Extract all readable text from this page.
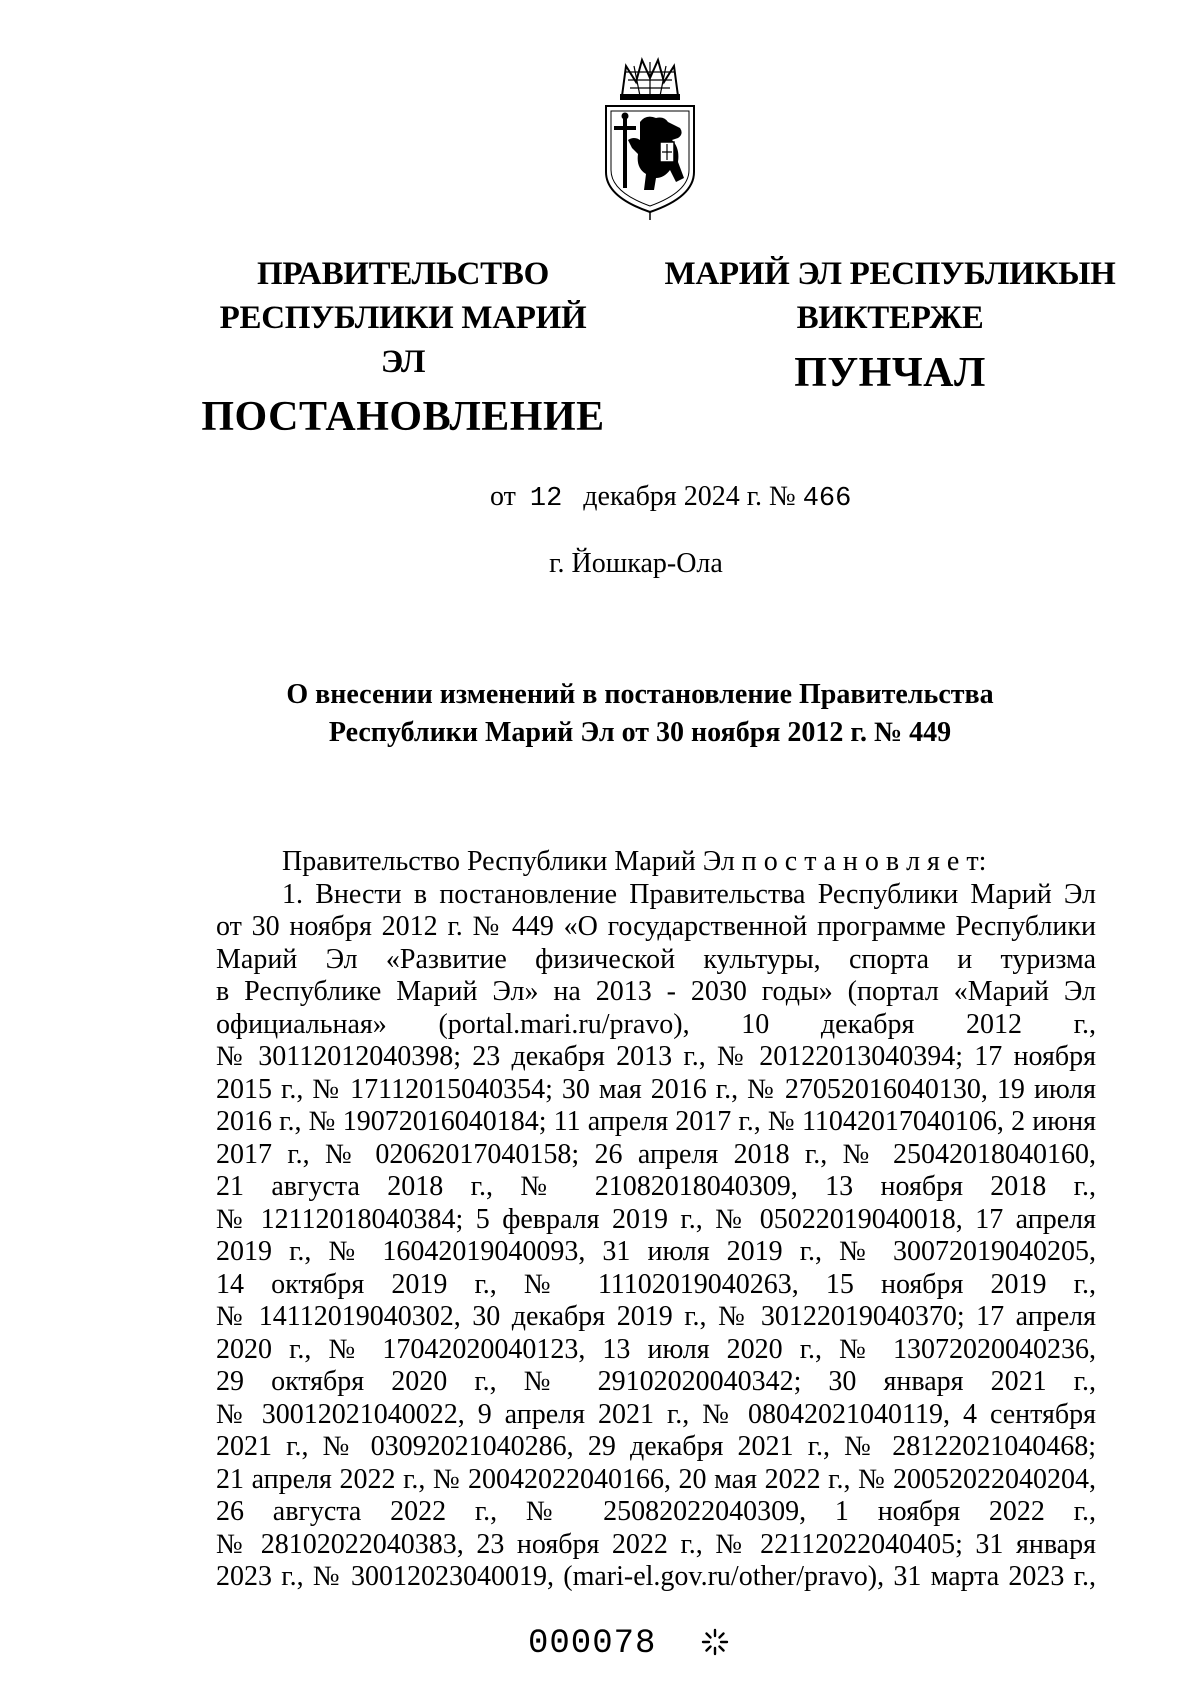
ПРАВИТЕЛЬСТВО
РЕСПУБЛИКИ МАРИЙ ЭЛ
ПОСТАНОВЛЕНИЕ
МАРИЙ ЭЛ РЕСПУБЛИКЫН
ВИКТЕРЖЕ
ПУНЧАЛ
от 12 декабря 2024 г. № 466
г. Йошкар-Ола
О внесении изменений в постановление Правительства
Республики Марий Эл от 30 ноября 2012 г. № 449

Правительство Республики Марий Эл п о с т а н о в л я е т:

1. Внести в постановление Правительства Республики Марий Эл
от 30 ноября 2012 г. № 449 «О государственной программе Республики
Марий Эл «Развитие физической культуры, спорта и туризма
в Республике Марий Эл» на 2013 - 2030 годы» (портал «Марий Эл
официальная» (portal.mari.ru/pravo), 10 декабря 2012 г.,
№ 30112012040398; 23 декабря 2013 г., № 20122013040394; 17 ноября
2015 г., № 17112015040354; 30 мая 2016 г., № 27052016040130, 19 июля
2016 г., № 19072016040184; 11 апреля 2017 г., № 11042017040106, 2 июня
2017 г., № 02062017040158; 26 апреля 2018 г., № 25042018040160,
21 августа 2018 г., № 21082018040309, 13 ноября 2018 г.,
№ 12112018040384; 5 февраля 2019 г., № 05022019040018, 17 апреля
2019 г., № 16042019040093, 31 июля 2019 г., № 30072019040205,
14 октября 2019 г., № 11102019040263, 15 ноября 2019 г.,
№ 14112019040302, 30 декабря 2019 г., № 30122019040370; 17 апреля
2020 г., № 17042020040123, 13 июля 2020 г., № 13072020040236,
29 октября 2020 г., № 29102020040342; 30 января 2021 г.,
№ 30012021040022, 9 апреля 2021 г., № 08042021040119, 4 сентября
2021 г., № 03092021040286, 29 декабря 2021 г., № 28122021040468;
21 апреля 2022 г., № 20042022040166, 20 мая 2022 г., № 20052022040204,
26 августа 2022 г., № 25082022040309, 1 ноября 2022 г.,
№ 28102022040383, 23 ноября 2022 г., № 22112022040405; 31 января
2023 г., № 30012023040019, (mari-el.gov.ru/other/pravo), 31 марта 2023 г.,
000078
